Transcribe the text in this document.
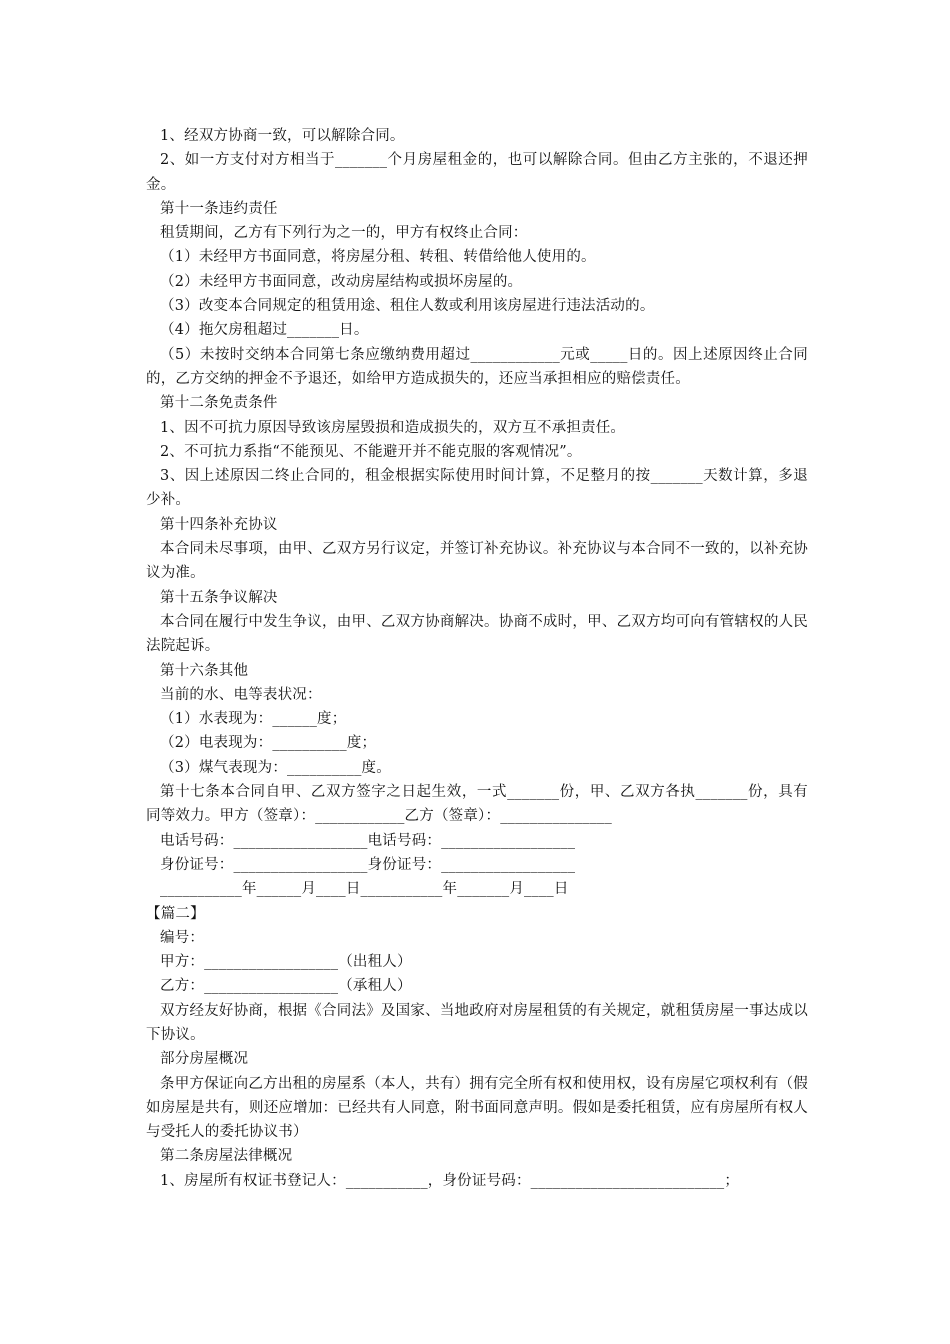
1、经双方协商一致，可以解除合同。

2、如一方支付对方相当于_______个月房屋租金的，也可以解除合同。但由乙方主张的，不退还押金。

第十一条违约责任

租赁期间，乙方有下列行为之一的，甲方有权终止合同：

（1）未经甲方书面同意，将房屋分租、转租、转借给他人使用的。

（2）未经甲方书面同意，改动房屋结构或损坏房屋的。

（3）改变本合同规定的租赁用途、租住人数或利用该房屋进行违法活动的。

（4）拖欠房租超过_______日。

（5）未按时交纳本合同第七条应缴纳费用超过____________元或_____日的。因上述原因终止合同的，乙方交纳的押金不予退还，如给甲方造成损失的，还应当承担相应的赔偿责任。

第十二条免责条件

1、因不可抗力原因导致该房屋毁损和造成损失的，双方互不承担责任。

2、不可抗力系指“不能预见、不能避开并不能克服的客观情况”。

3、因上述原因二终止合同的，租金根据实际使用时间计算，不足整月的按_______天数计算，多退少补。

第十四条补充协议

本合同未尽事项，由甲、乙双方另行议定，并签订补充协议。补充协议与本合同不一致的，以补充协议为准。

第十五条争议解决

本合同在履行中发生争议，由甲、乙双方协商解决。协商不成时，甲、乙双方均可向有管辖权的人民法院起诉。

第十六条其他

当前的水、电等表状况：

（1）水表现为：______度；

（2）电表现为：__________度；

（3）煤气表现为：__________度。

第十七条本合同自甲、乙双方签字之日起生效，一式_______份，甲、乙双方各执_______份，具有同等效力。甲方（签章）：____________乙方（签章）：_______________

电话号码：__________________电话号码：__________________

身份证号：__________________身份证号：__________________

___________年______月____日___________年_______月____日

【篇二】

编号：

甲方：__________________（出租人）

乙方：__________________（承租人）

双方经友好协商，根据《合同法》及国家、当地政府对房屋租赁的有关规定，就租赁房屋一事达成以下协议。

部分房屋概况

条甲方保证向乙方出租的房屋系（本人，共有）拥有完全所有权和使用权，设有房屋它项权利有（假如房屋是共有，则还应增加：已经共有人同意，附书面同意声明。假如是委托租赁，应有房屋所有权人与受托人的委托协议书）

第二条房屋法律概况

1、房屋所有权证书登记人：___________，身份证号码：__________________________；
